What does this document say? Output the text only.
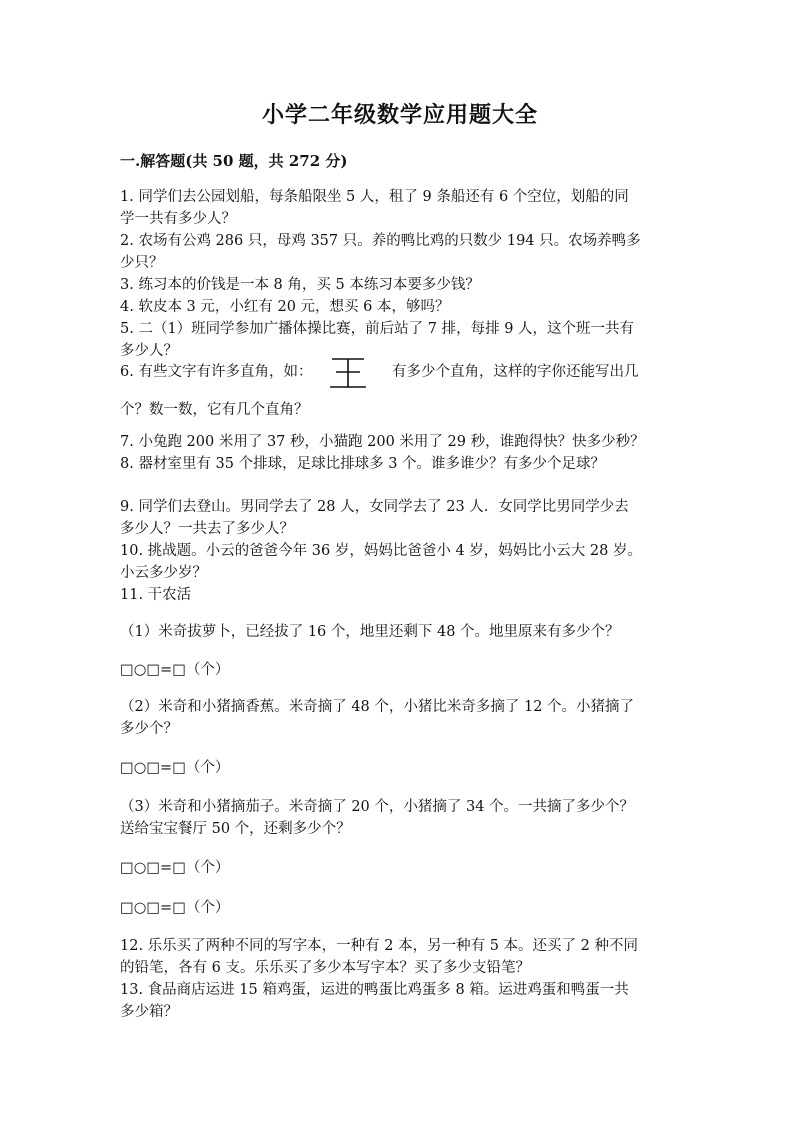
小学二年级数学应用题大全
一.解答题(共 50 题，共 272 分)
1. 同学们去公园划船，每条船限坐 5 人，租了 9 条船还有 6 个空位，划船的同
学一共有多少人？
2. 农场有公鸡 286 只，母鸡 357 只。养的鸭比鸡的只数少 194 只。农场养鸭多
少只？
3. 练习本的价钱是一本 8 角，买 5 本练习本要多少钱？
4. 软皮本 3 元，小红有 20 元，想买 6 本，够吗？
5. 二（1）班同学参加广播体操比赛，前后站了 7 排，每排 9 人，这个班一共有
多少人？
6. 有些文字有许多直角，如：	有多少个直角，这样的字你还能写出几
个？数一数，它有几个直角？
7. 小兔跑 200 米用了 37 秒，小猫跑 200 米用了 29 秒，谁跑得快？快多少秒？
8. 器材室里有 35 个排球，足球比排球多 3 个。谁多谁少？有多少个足球？
9. 同学们去登山。男同学去了 28 人，女同学去了 23 人．女同学比男同学少去
多少人？一共去了多少人？
10. 挑战题。小云的爸爸今年 36 岁，妈妈比爸爸小 4 岁，妈妈比小云大 28 岁。
小云多少岁？
11. 干农活
（1）米奇拔萝卜，已经拔了 16 个，地里还剩下 48 个。地里原来有多少个？
□○□=□（个）
（2）米奇和小猪摘香蕉。米奇摘了 48 个，小猪比米奇多摘了 12 个。小猪摘了
多少个？
□○□=□（个）
（3）米奇和小猪摘茄子。米奇摘了 20 个，小猪摘了 34 个。一共摘了多少个？
送给宝宝餐厅 50 个，还剩多少个？
□○□=□（个）
□○□=□（个）
12. 乐乐买了两种不同的写字本，一种有 2 本，另一种有 5 本。还买了 2 种不同
的铅笔，各有 6 支。乐乐买了多少本写字本？买了多少支铅笔？
13. 食品商店运进 15 箱鸡蛋，运进的鸭蛋比鸡蛋多 8 箱。运进鸡蛋和鸭蛋一共
多少箱？
